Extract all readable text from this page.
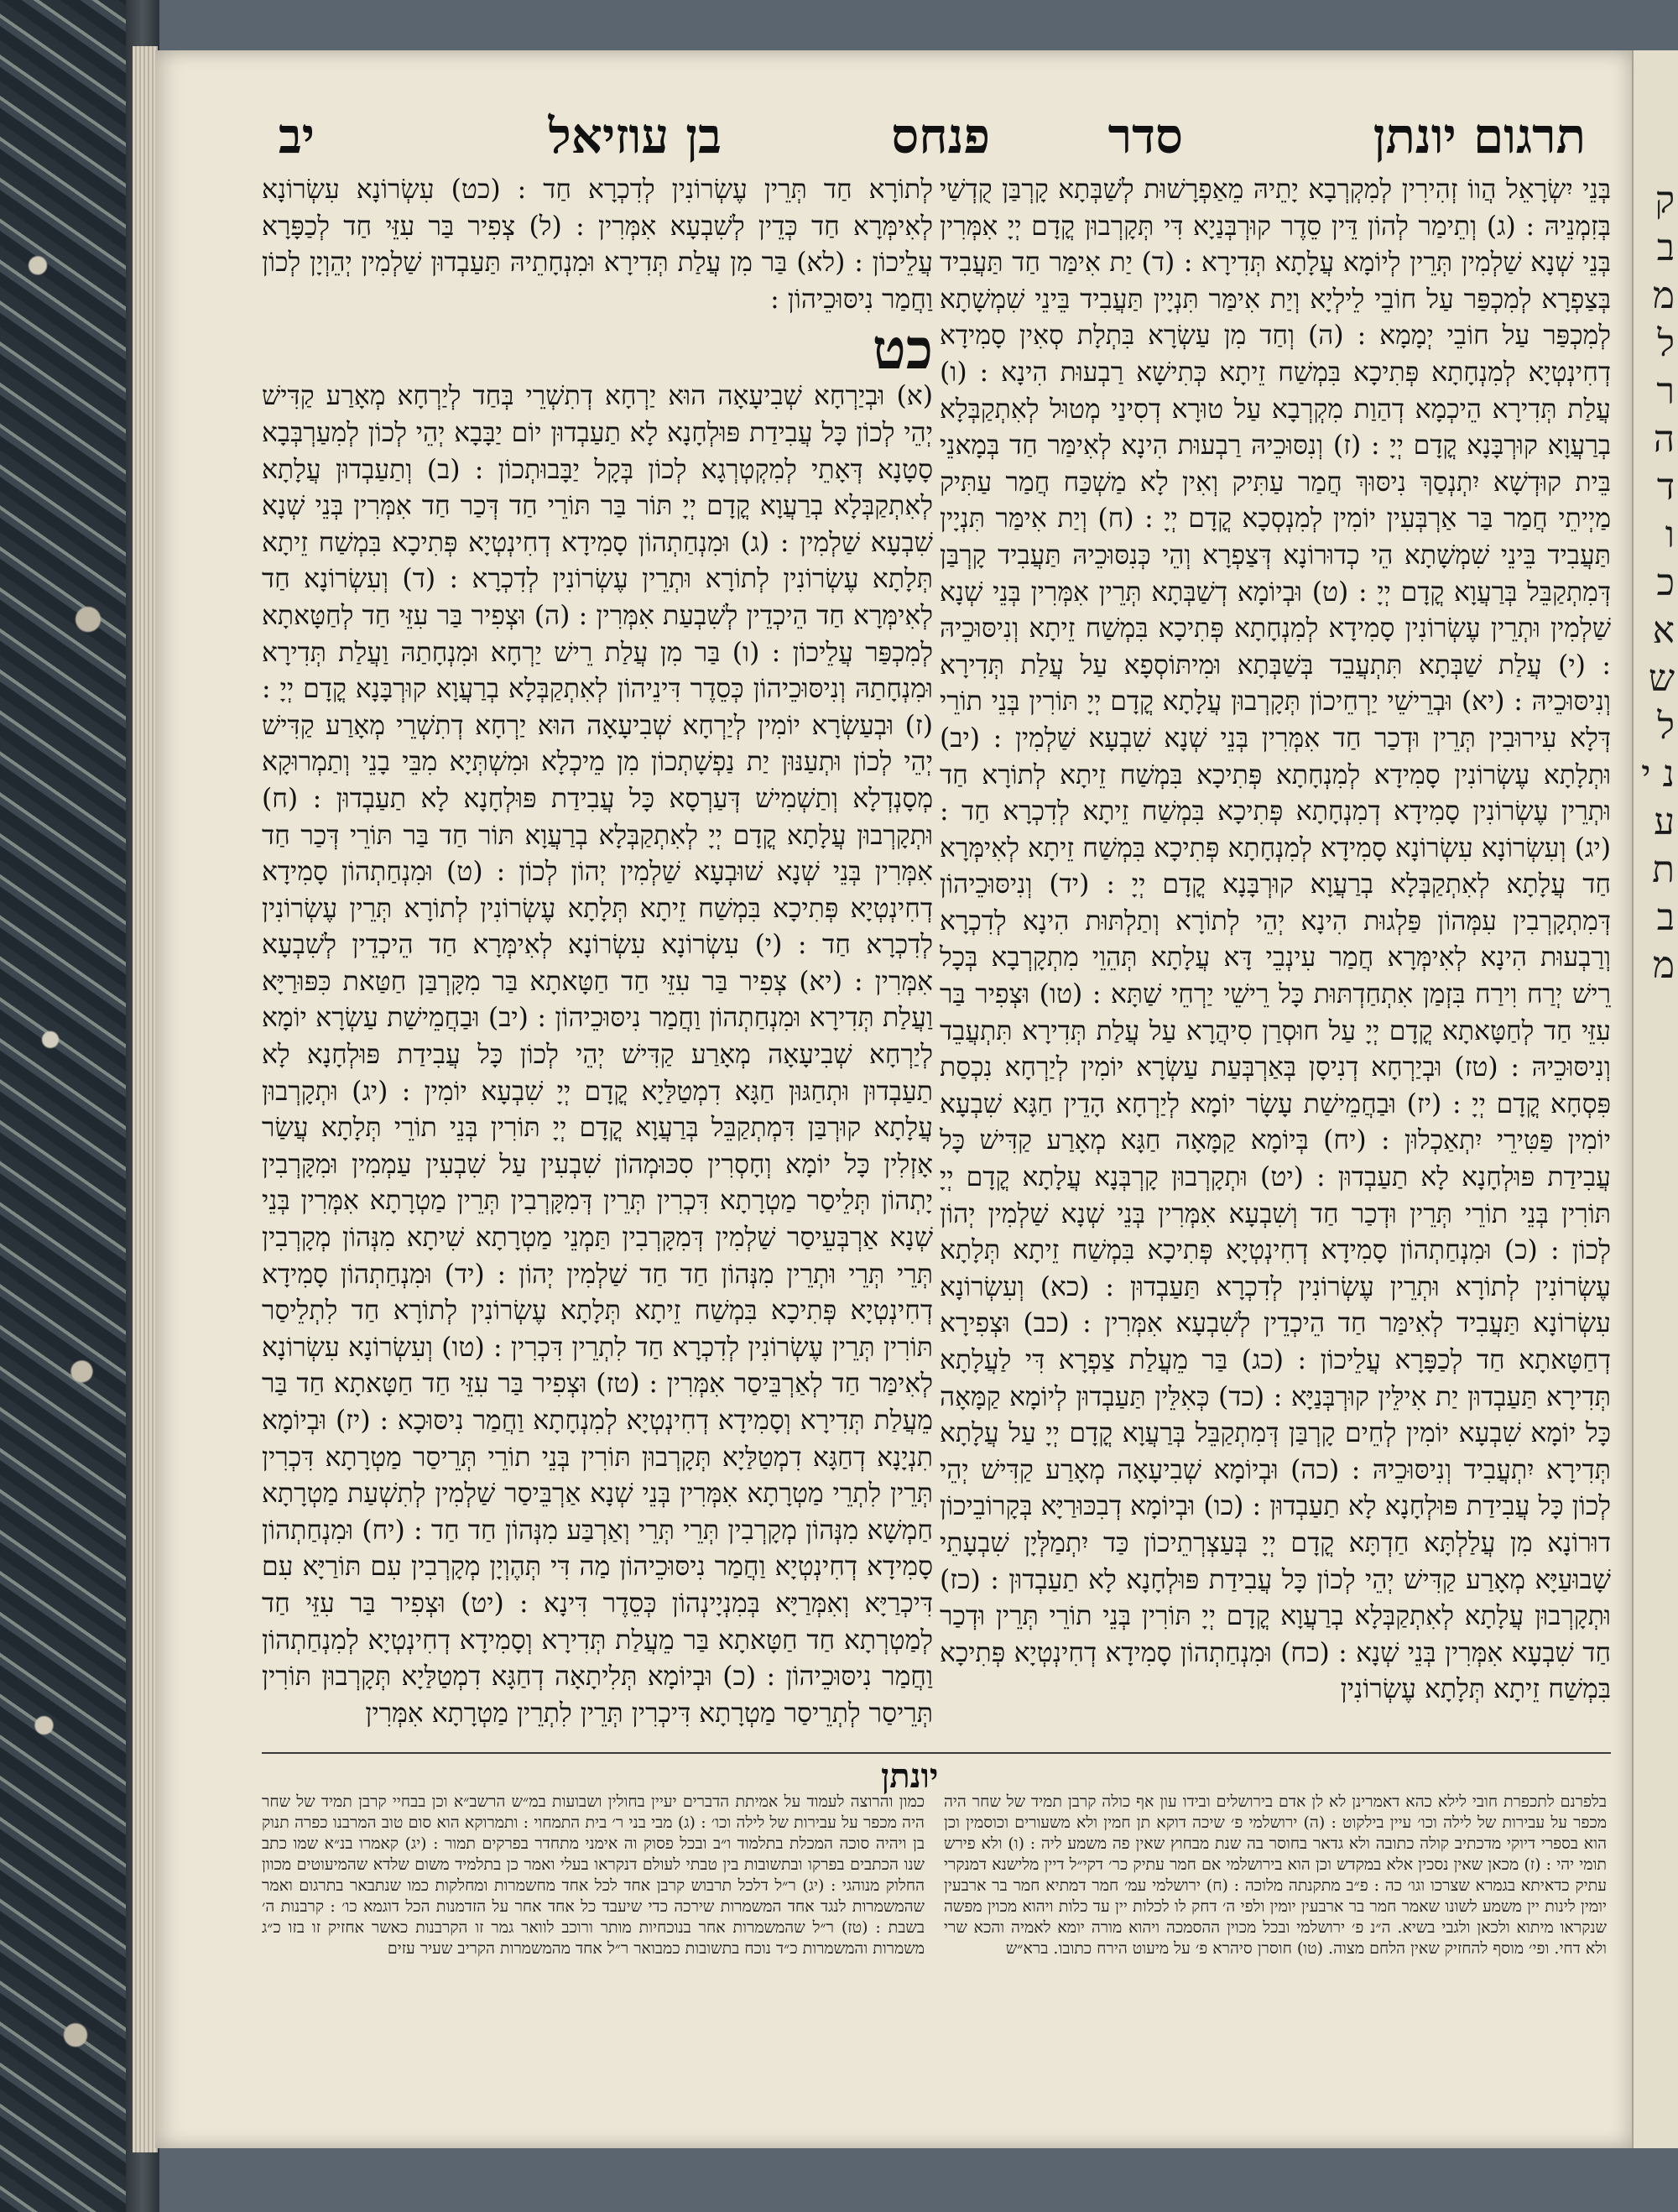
ק ב מ ל ר ה ד ו כ א ש ל נ י ע ת ב מ
תרגום יונתן
סדר
פנחס
בן עוזיאל
יב

בְּנֵי יִשְׂרָאֵל הֲווֹ זְהִירִין לְמִקְרְבָא יָתֵיהּ מֵאַפְרָשׁוּת לְשַׁבְּתָא קָרְבַּן קֻדְשַׁי בְּזִמְנֵיהּ : (ג) וְתֵימַר לְהוֹן דֵּין סֵדֶר קוּרְבְּנַיָא דִּי תְּקָרְבוּן קֳדָם יְיָ אִמְּרִין בְּנֵי שְׁנָא שַׁלְמִין תְּרֵין לְיוֹמָא עֲלָתָא תְּדִירָא : (ד) יַת אִימַּר חַד תַּעֲבִיד בְּצַפְרָא לְמִכְפַּר עַל חוֹבֵי לֵילְיָא וְיַת אִימַּר תִּנְיָין תַּעֲבִיד בֵּינֵי שִׁמְשָׁתָא לְמִכְפַּר עַל חוֹבֵי יְמָמָא : (ה) וְחַד מִן עַשְׂרָא בִּתְלָת סְאִין סָמִידָא דְחִינְטְיָא לְמִנְחָתָא פְּתִיכָא בִּמְשַׁח זֵיתָא כְּתִישָׁא רַבְעוּת הִינָא : (ו) עֲלַת תְּדִירָא הֵיכְמָא דְהַוַת מִקְרְבָא עַל טוּרָא דְסִינַי מְטוּל לְאִתְקַבְּלָא בְרַעֲוָא קוּרְבָּנָא קֳדָם יְיָ : (ז) וְנִסּוּכֵיהּ רַבְעוּת הִינָא לְאִימַּר חַד בְּמָאנֵי בֵּית קוּדְשָׁא יִתְנְסַךְ נִיסּוּךְ חֲמַר עַתִּיק וְאִין לָא מַשְׁכַּח חֲמַר עַתִּיק מַיְיתֵי חֲמַר בַּר אַרְבְּעִין יוֹמִין לְמִנְסְכָא קֳדָם יְיָ : (ח) וְיַת אִימַּר תִּנְיָין תַּעֲבִיד בֵּינֵי שִׁמְשָׁתָא הֵי כְדוּרוֹנָא דְּצַפְרָא וְהֵי כְּנִסּוּכֵיהּ תַּעֲבִיד קָרְבַּן דְּמִתְקַבֵּל בְּרַעֲוָא קֳדָם יְיָ : (ט) וּבְיוֹמָא דְשַׁבְּתָא תְּרֵין אִמְּרִין בְּנֵי שְׁנָא שַׁלְמִין וּתְרֵין עֶשְׂרוֹנִין סָמִידָא לְמִנְחָתָא פְּתִיכָא בִּמְשַׁח זֵיתָא וְנִיסּוּכֵיהּ : (י) עֲלַת שַׁבְּתָא תִּתְעֲבֵד בְּשַׁבְּתָא וּמִיתּוֹסְפָא עַל עֲלַת תְּדִירָא וְנִיסּוּכֵיהּ : (יא) וּבְרֵישֵׁי יַרְחֵיכוֹן תְּקָרְבוּן עֲלָתָא קֳדָם יְיָ תּוֹרִין בְּנֵי תוֹרֵי דְּלָא עִירוּבִין תְּרֵין וּדְכַר חַד אִמְּרִין בְּנֵי שְׁנָא שִׁבְעָא שַׁלְמִין : (יב) וּתְלָתָא עֶשְׂרוֹנִין סָמִידָא לְמִנְחָתָא פְּתִיכָא בִּמְשַׁח זֵיתָא לְתוֹרָא חַד וּתְרֵין עֶשְׂרוֹנִין סָמִידָא דְמִנְחָתָא פְּתִיכָא בִּמְשַׁח זֵיתָא לְדִכְרָא חַד : (יג) וְעִשְׂרוֹנָא עִשְׂרוֹנָא סָמִידָא לְמִנְחָתָא פְּתִיכָא בִּמְשַׁח זֵיתָא לְאִימְּרָא חַד עֲלָתָא לְאִתְקַבְּלָא בְרַעֲוָא קוּרְבָּנָא קֳדָם יְיָ : (יד) וְנִיסּוּכֵיהוֹן דְּמִתְקָרְבִין עִמְּהוֹן פַּלְגוּת הִינָא יְהֵי לְתוֹרָא וְתַלְתּוּת הִינָא לְדִכְרָא וְרַבְעוּת הִינָא לְאִימְּרָא חֲמַר עִינְבֵי דָּא עֲלָתָא תְּהֵוֵי מִתְקָרְבָא בְּכָל רֵישׁ יְרַח וִירַח בִּזְמַן אִתְחַדְתּוּת כָּל רֵישֵׁי יַרְחֵי שַׁתָּא : (טו) וּצְפִיר בַּר עִזֵּי חַד לְחַטָּאתָא קֳדָם יְיָ עַל חוּסְרַן סִיהֲרָא עַל עֲלַת תְּדִירָא תִּתְעֲבֵד וְנִיסּוּכֵיהּ : (טז) וּבְיַרְחָא דְנִיסָן בְּאַרְבְּעַת עַשְׂרָא יוֹמִין לְיַרְחָא נִכְסַת פִּסְחָא קֳדָם יְיָ : (יז) וּבַחֲמֵישַׁת עָשָׂר יוֹמָא לְיַרְחָא הָדֵין חַגָּא שִׁבְעָא יוֹמִין פַּטִּירֵי יִתְאַכְלוּן : (יח) בְּיוֹמָא קַמָּאָה חַגָּא מְאָרַע קַדִּישׁ כָּל עֲבִידַת פּוּלְחָנָא לָא תַעַבְדוּן : (יט) וּתְקָרְבוּן קָרְבְּנָא עֲלָתָא קֳדָם יְיָ תּוֹרִין בְּנֵי תוֹרֵי תְּרֵין וּדְכַר חַד וְשִׁבְעָא אִמְּרִין בְּנֵי שְׁנָא שַׁלְמִין יְהוֹן לְכוֹן : (כ) וּמִנְחַתְהוֹן סָמִידָא דְחִינְטְיָא פְּתִיכָא בִּמְשַׁח זֵיתָא תְּלָתָא עֶשְׂרוֹנִין לְתוֹרָא וּתְרֵין עֶשְׂרוֹנִין לְדִכְרָא תַּעַבְדוּן : (כא) וְעִשְׂרוֹנָא עִשְׂרוֹנָא תַּעֲבִיד לְאִימַּר חַד הֵיכְדֵין לְשִׁבְעָא אִמְּרִין : (כב) וּצְפִירָא דְחַטָּאתָא חַד לְכַפָּרָא עֲלֵיכוֹן : (כג) בַּר מֵעֲלַת צַפְרָא דִּי לַעֲלָתָא תְּדִירָא תַּעַבְדוּן יַת אִילֵּין קוּרְבְּנַיָּא : (כד) כְּאִלֵּין תַּעַבְדוּן לְיוֹמָא קַמָּאָה כָּל יוֹמָא שִׁבְעָא יוֹמִין לְחֵים קָרְבַּן דְּמִתְקַבֵּל בְּרַעֲוָא קֳדָם יְיָ עַל עֲלָתָא תְּדִירָא יִתְעֲבִיד וְנִיסּוּכֵיהּ : (כה) וּבְיוֹמָא שְׁבִיעָאָה מְאָרַע קַדִּישׁ יְהֵי לְכוֹן כָּל עֲבִידַת פּוּלְחָנָא לָא תַעַבְדוּן : (כו) וּבְיוֹמָא דְבִכּוּרַיָּא בְּקָרוֹבֵיכוֹן דוּרוֹנָא מִן עֲלַלְתָּא חַדְתָּא קֳדָם יְיָ בְּעַצְרְתֵיכוֹן כַּד יִתְמַלְּיָן שִׁבְעָתֵי שָׁבוּעַיָּא מְאָרַע קַדִּישׁ יְהֵי לְכוֹן כָּל עֲבִידַת פּוּלְחָנָא לָא תַעַבְדוּן : (כז) וּתְקָרְבוּן עֲלָתָא לְאִתְקַבְּלָא בְרַעֲוָא קֳדָם יְיָ תּוֹרִין בְּנֵי תוֹרֵי תְּרֵין וּדְכַר חַד שִׁבְעָא אִמְּרִין בְּנֵי שְׁנָא : (כח) וּמִנְחַתְהוֹן סָמִידָא דְחִינְטְיָא פְּתִיכָא בִּמְשַׁח זֵיתָא תְּלָתָא עֶשְׂרוֹנִין

לְתוֹרָא חַד תְּרֵין עֶשְׂרוֹנִין לְדִכְרָא חַד : (כט) עִשְׂרוֹנָא עִשְׂרוֹנָא לְאִימְּרָא חַד כְּדֵין לְשִׁבְעָא אִמְּרִין : (ל) צְפִיר בַּר עִזֵּי חַד לְכַפָּרָא עֲלֵיכוֹן : (לא) בַּר מִן עֲלַת תְּדִירָא וּמִנְחָתֵיהּ תַּעַבְדוּן שַׁלְמִין יְהֵוְיָן לְכוֹן וַחֲמַר נִיסּוּכֵיהוֹן :

כט

(א) וּבְיַרְחָא שְׁבִיעָאָה הוּא יַרְחָא דְתִשְׁרֵי בְּחַד לְיַרְחָא מְאָרַע קַדִּישׁ יְהֵי לְכוֹן כָּל עֲבִידַת פּוּלְחָנָא לָא תַעַבְדוּן יוֹם יַבָּבָא יְהֵי לְכוֹן לְמִעַרְבְּבָא סָטָנָא דְּאָתֵי לְמִקְטְרְגָא לְכוֹן בְּקָל יַבָּבוּתְכוֹן : (ב) וְתַעַבְדוּן עֲלָתָא לְאִתְקַבְּלָא בְרַעֲוָא קֳדָם יְיָ תּוֹר בַּר תּוֹרֵי חַד דְּכַר חַד אִמְּרִין בְּנֵי שְׁנָא שִׁבְעָא שַׁלְמִין : (ג) וּמִנְחַתְהוֹן סָמִידָא דְחִינְטְיָא פְּתִיכָא בִּמְשַׁח זֵיתָא תְּלָתָא עֶשְׂרוֹנִין לְתוֹרָא וּתְרֵין עֶשְׂרוֹנִין לְדִכְרָא : (ד) וְעִשְׂרוֹנָא חַד לְאִימְּרָא חַד הֵיכְדֵין לְשִׁבְעַת אִמְּרִין : (ה) וּצְפִיר בַּר עִזֵּי חַד לְחַטָּאתָא לְמִכְפַּר עֲלֵיכוֹן : (ו) בַּר מִן עֲלַת רֵישׁ יַרְחָא וּמִנְחָתַהּ וַעֲלַת תְּדִירָא וּמִנְחָתַהּ וְנִיסּוּכֵיהוֹן כְּסֵדֶר דִּינֵיהוֹן לְאִתְקַבְּלָא בְרַעֲוָא קוּרְבָּנָא קֳדָם יְיָ : (ז) וּבְעַשְׂרָא יוֹמִין לְיַרְחָא שְׁבִיעָאָה הוּא יַרְחָא דְתִשְׁרֵי מְאָרַע קַדִּישׁ יְהֵי לְכוֹן וּתְעַנּוּן יַת נַפְשָׁתְכוֹן מִן מֵיכְלָא וּמִשְׁתְּיָא מִבֵּי בָנֵי וְתַמְרוּקָא מְסָנְדְלָא וְתַשְׁמִישׁ דְּעַרְסָא כָּל עֲבִידַת פּוּלְחָנָא לָא תַעַבְדוּן : (ח) וּתְקָרְבוּן עֲלָתָא קֳדָם יְיָ לְאִתְקַבְּלָא בְרַעֲוָא תּוֹר חַד בַּר תּוֹרֵי דְּכַר חַד אִמְּרִין בְּנֵי שְׁנָא שׁוּבְעָא שַׁלְמִין יְהוֹן לְכוֹן : (ט) וּמִנְחַתְהוֹן סָמִידָא דְחִינְטְיָא פְּתִיכָא בִּמְשַׁח זֵיתָא תְּלָתָא עֶשְׂרוֹנִין לְתוֹרָא תְּרֵין עֶשְׂרוֹנִין לְדִכְרָא חַד : (י) עִשְׂרוֹנָא עִשְׂרוֹנָא לְאִימְּרָא חַד הֵיכְדֵין לְשִׁבְעָא אִמְּרִין : (יא) צְפִיר בַּר עִזֵּי חַד חַטָּאתָא בַּר מִקָּרְבַּן חַטַּאת כִּפּוּרַיָּא וַעֲלַת תְּדִירָא וּמִנְחַתְהוֹן וַחֲמַר נִיסּוּכֵיהוֹן : (יב) וּבַחֲמֵישַׁת עַשְׂרָא יוֹמָא לְיַרְחָא שְׁבִיעָאָה מְאָרַע קַדִּישׁ יְהֵי לְכוֹן כָּל עֲבִידַת פּוּלְחָנָא לָא תַעַבְדוּן וּתְחַגּוּן חַגָּא דִמְטַלַּיָא קֳדָם יְיָ שִׁבְעָא יוֹמִין : (יג) וּתְקָרְבוּן עֲלָתָא קוּרְבַּן דִּמְתְקַבֵּל בְּרַעֲוָא קֳדָם יְיָ תּוֹרִין בְּנֵי תוֹרֵי תְּלָתָא עֲשַׂר אָזְלִין כָּל יוֹמָא וְחָסְרִין סִכּוּמְהוֹן שִׁבְעִין עַל שִׁבְעִין עַמְמִין וּמִקָּרְבִין יָתְהוֹן תְּלֵיסַר מַטְרָתָא דִּכְרִין תְּרֵין דְּמִקָּרְבִין תְּרֵין מַטְרָתָא אִמְּרִין בְּנֵי שְׁנָא אַרְבְּעֵיסַר שַׁלְמִין דְּמִקָּרְבִין תַּמְנֵי מַטְרָתָא שִׁיתָא מִנְּהוֹן מְקָרְבִין תְּרֵי תְּרֵי וּתְרֵין מִנְּהוֹן חַד חַד שַׁלְמִין יְהוֹן : (יד) וּמִנְחַתְהוֹן סָמִידָא דְחִינְטְיָא פְּתִיכָא בִּמְשַׁח זֵיתָא תְּלָתָא עֶשְׂרוֹנִין לְתוֹרָא חַד לִתְלֵיסַר תּוֹרִין תְּרֵין עֶשְׂרוֹנִין לְדִכְרָא חַד לִתְרֵין דִּכְרִין : (טו) וְעִשְׂרוֹנָא עִשְׂרוֹנָא לְאִימַּר חַד לְאַרְבֵּיסַר אִמְּרִין : (טז) וּצְפִיר בַּר עִזֵּי חַד חַטָּאתָא חַד בַּר מֵעֲלַת תְּדִירָא וְסָמִידָא דְחִינְטְיָא לְמִנְחָתָא וַחֲמַר נִיסּוּכָא : (יז) וּבְיוֹמָא תִנְיָנָא דְחַגָּא דִמְטַלַּיָא תְּקָרְבוּן תּוֹרִין בְּנֵי תוֹרֵי תְּרֵיסַר מַטְרָתָא דִּכְרִין תְּרֵין לִתְרֵי מַטְרָתָא אִמְּרִין בְּנֵי שְׁנָא אַרְבֵּיסַר שַׁלְמִין לְתִשְׁעַת מַטְרָתָא חַמְשָׁא מִנְּהוֹן מְקָרְבִין תְּרֵי תְּרֵי וְאַרְבַּע מִנְּהוֹן חַד חַד : (יח) וּמִנְחַתְהוֹן סָמִידָא דְחִינְטְיָא וַחֲמַר נִיסּוּכֵיהוֹן מַה דִּי תְּהֶוְיָן מְקָרְבִין עִם תּוֹרַיָּא עִם דִּיכְרַיָּא וְאִמְּרַיָּא בְּמִנְיָינְהוֹן כְּסֵדֶר דִּינָא : (יט) וּצְפִיר בַּר עִזֵּי חַד לְמַטְרְתָא חַד חַטָּאתָא בַּר מֵעֲלַת תְּדִירָא וְסָמִידָא דְחִינְטְיָא לְמִנְחַתְהוֹן וַחֲמַר נִיסּוּכֵיהוֹן : (כ) וּבְיוֹמָא תְּלִיתָאָה דְחַגָּא דִמְטַלַּיָא תְּקָרְבוּן תּוֹרִין תְּרֵיסַר לְתְרֵיסַר מַטְרָתָא דִּיכְרִין תְּרֵין לִתְרֵין מַטְרָתָא אִמְּרִין

יונתן
בלפרנם לתכפרת חובי לילא כהא דאמרינן לא לן אדם בירושלים ובידו עון אף כולה קרבן תמיד של שחר היה מכפר על עבירות של לילה וכו׳ עיין בילקוט : (ה) ירושלמי פ׳ שיכה דוקא תן חמין ולא משעורים וכוסמין וכן הוא בספרי דיוקי מדכתיב קולה כתובה ולא גדאר בחוסר בה שנת מבחוץ שאין פה משמע ליה : (ו) ולא פירש תומי יהי : (ז) מכאן שאין נסכין אלא במקדש וכן הוא בירושלמי אם חמר עתיק כר׳ דקי״ל דיין מלישנא דמנקרי עתיק כדאיתא בגמרא שצרכו וגו׳ כה : פ״ב מתקנתה מלוכה : (ח) ירושלמי עמ׳ חמר דמתיא חמר בר ארבעין יומין לינות יין משמע לשונו שאמר חמר בר ארבעין יומין ולפי ה׳ דחק לו לכלות יין עד כלות ויהוא מכוין מפשה שנקראו מיתוא ולכאן ולגבי בשיא. ה״נ פ׳ ירושלמי ובכל מכוין ההסמכה ויהוא מורה יומא לאמיה והכא שרי ולא דחי. ופי׳ מוסף להחזיק שאין הלחם מצוה. (טו) חוסרן סיהרא פ׳ על מיעוט הירח כתובו. ברא״ש
כמון והרוצה לעמוד על אמיתת הדברים יעיין בחולין ושבועות במ״ש הרשב״א וכן בבחיי קרבן תמיד של שחר היה מכפר על עבירות של לילה וכו׳ : (ג) מבי בני ר׳ בית התמחוי : ותמרוקא הוא סום טוב המרבנו כפרה תנוק בן ויהיה סוכה המכלת בתלמוד ו״ב ובכל פסוק וה אימני מתחדר בפרקים תמור : (יג) קאמרו בנ״א שמו כתב שנו הכתבים בפרקו ובתשובות בין טבתי לעולם דנקראו בעלי ואמר כן בתלמיד משום שלדא שהמיעוטים מכוון החלוק מנוהגי : (יג) ר״ל דלכל תרבוש קרבן אחד לכל אחד מחשמרות ומחלקות כמו שנתבאר בתרגום ואמר שהמשמרות לנגד אחד המשמרות שירכה כדי שיעבד כל אחד אחר על הזדמנות הכל דוגמא כו׳ : קרבנות ה׳ בשבת : (טז) ר״ל שהמשמרות אחר בנוכחיות מותר ורוכב לוואר גמר זו הקרבנות כאשר אחזיק זו בזו כ״ג משמרות והמשמרות כ״ד נוכח בתשובות כמבואר ר״ל אחד מהמשמרות הקריב שעיר עזים
